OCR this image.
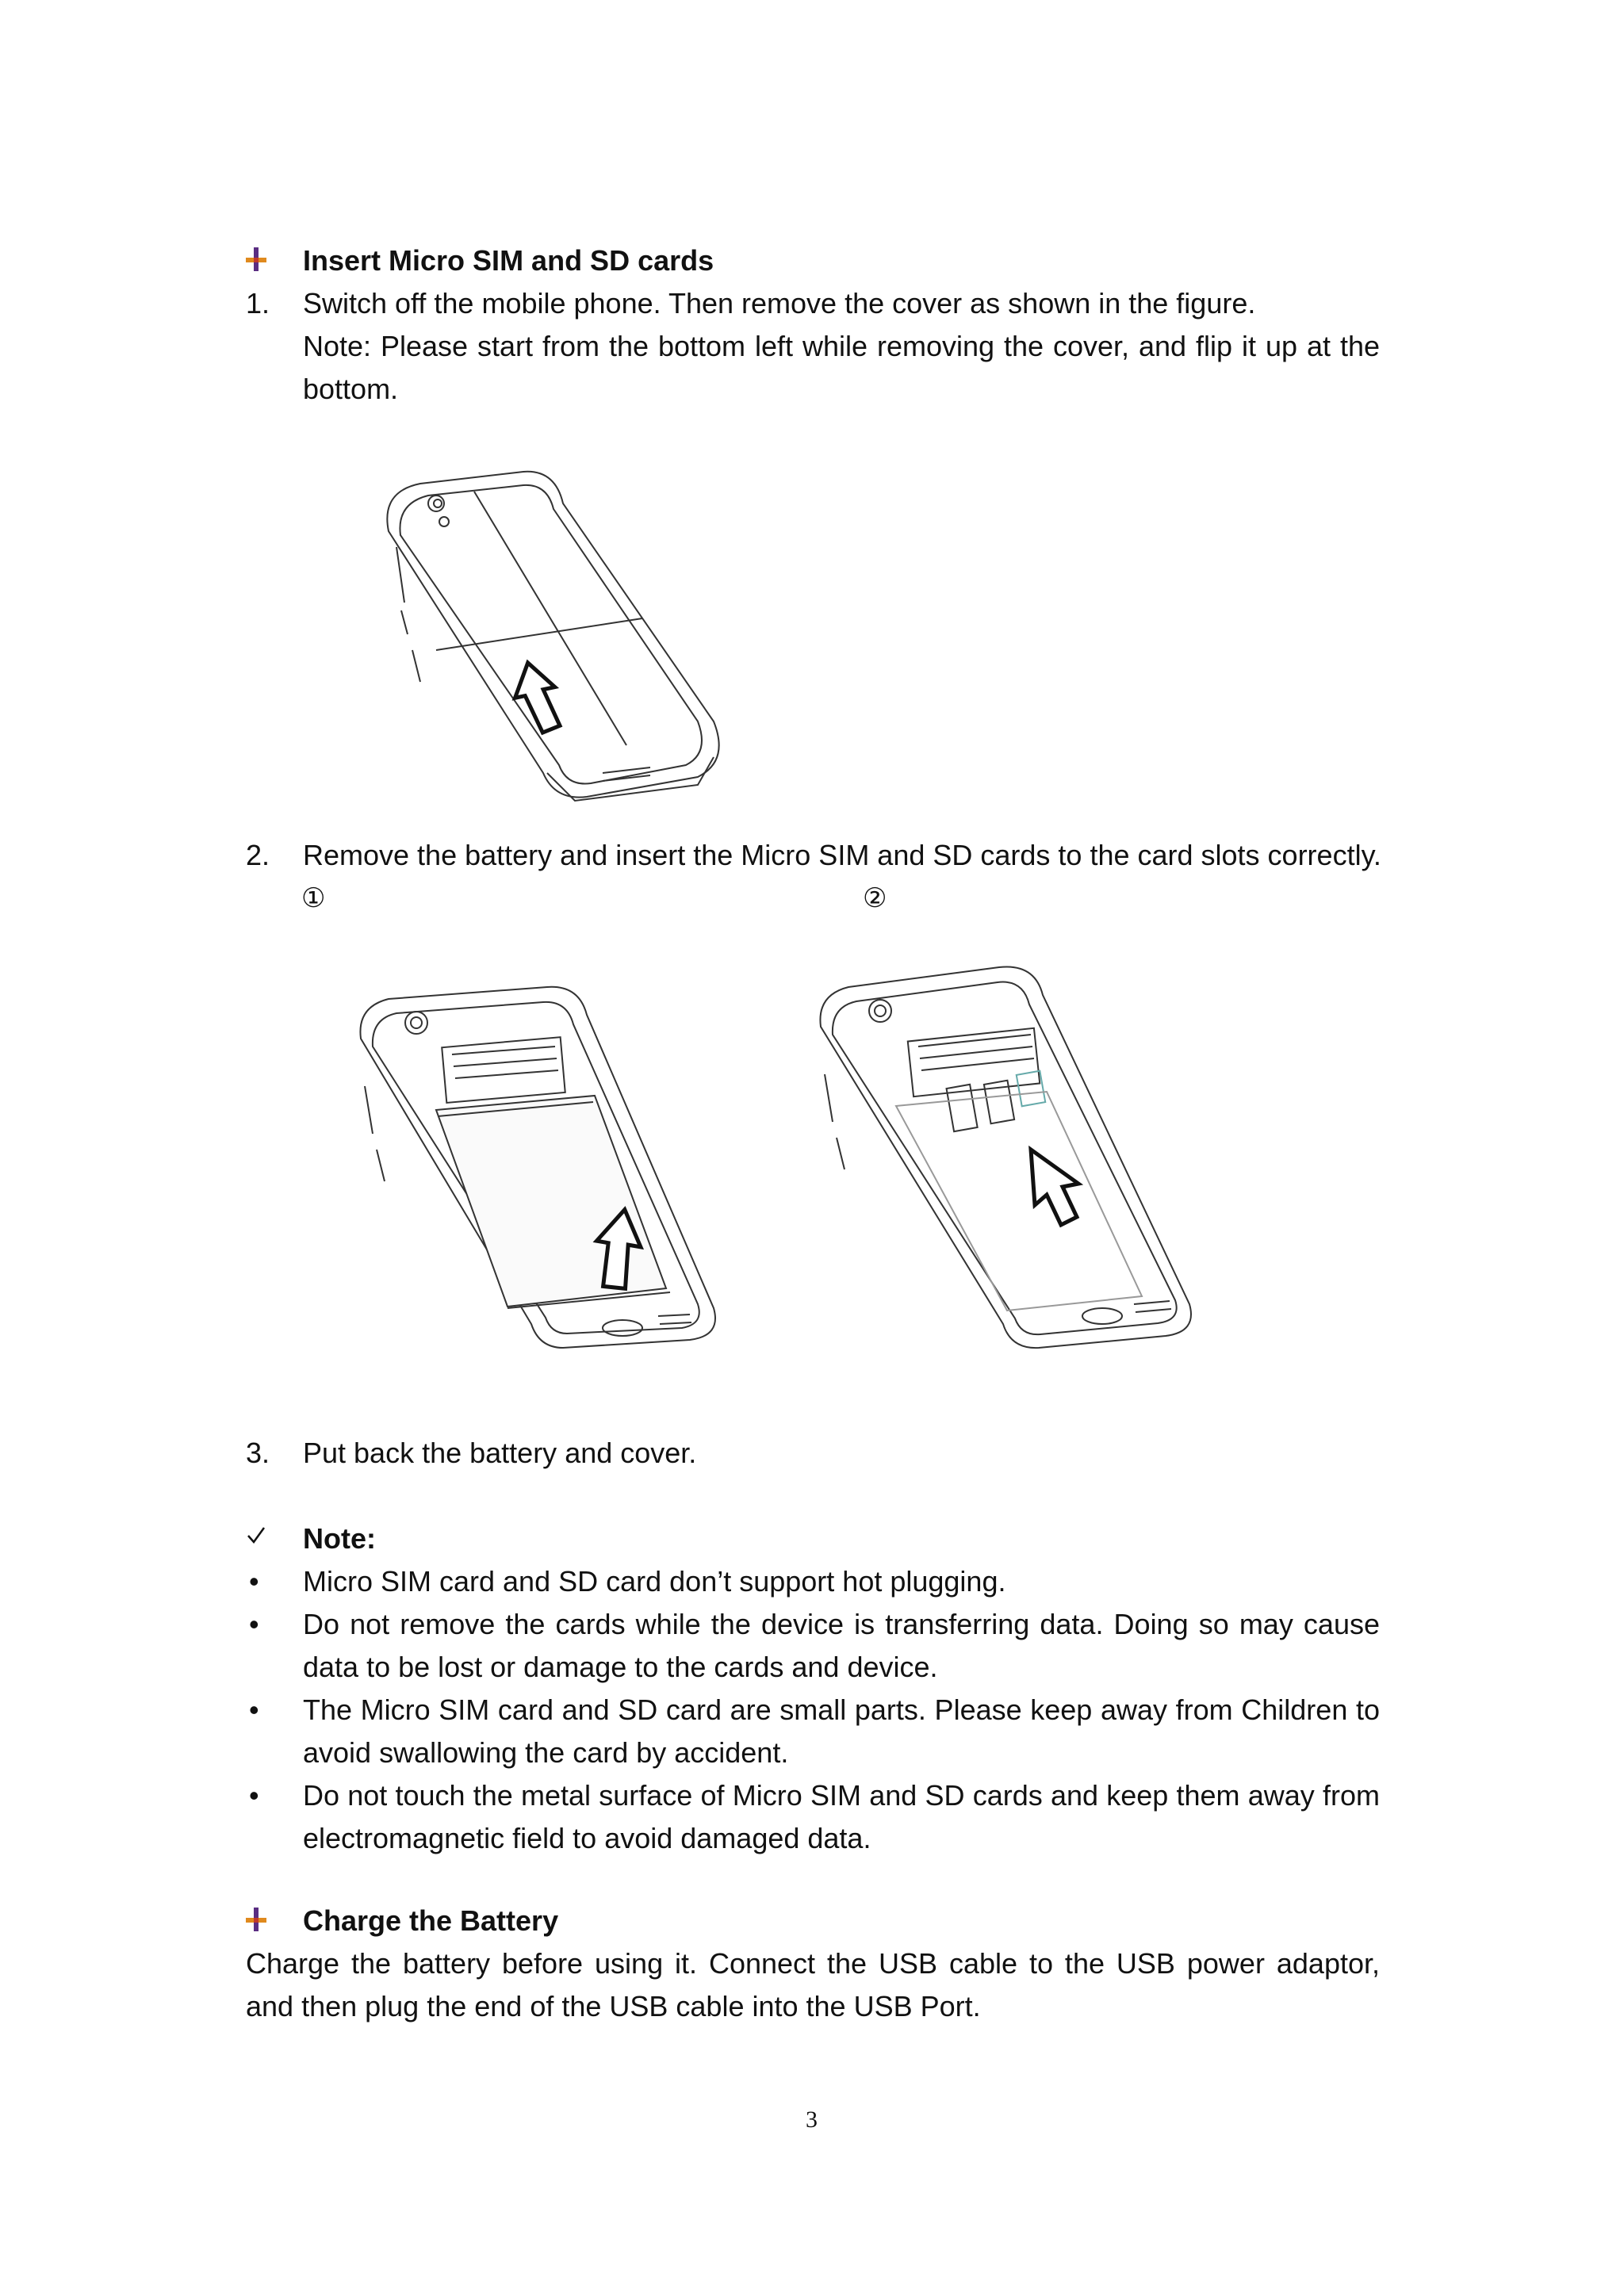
Insert Micro SIM and SD cards

1. Switch off the mobile phone. Then remove the cover as shown in the figure.

Note: Please start from the bottom left while removing the cover, and flip it up at the bottom.

2. Remove the battery and insert the Micro SIM and SD cards to the card slots correctly.

①	②

3. Put back the battery and cover.

Note:

• Micro SIM card and SD card don’t support hot plugging.

• Do not remove the cards while the device is transferring data. Doing so may cause data to be lost or damage to the cards and device.

• The Micro SIM card and SD card are small parts. Please keep away from Children to avoid swallowing the card by accident.

• Do not touch the metal surface of Micro SIM and SD cards and keep them away from electromagnetic field to avoid damaged data.

Charge the Battery

Charge the battery before using it. Connect the USB cable to the USB power adaptor, and then plug the end of the USB cable into the USB Port.

3
